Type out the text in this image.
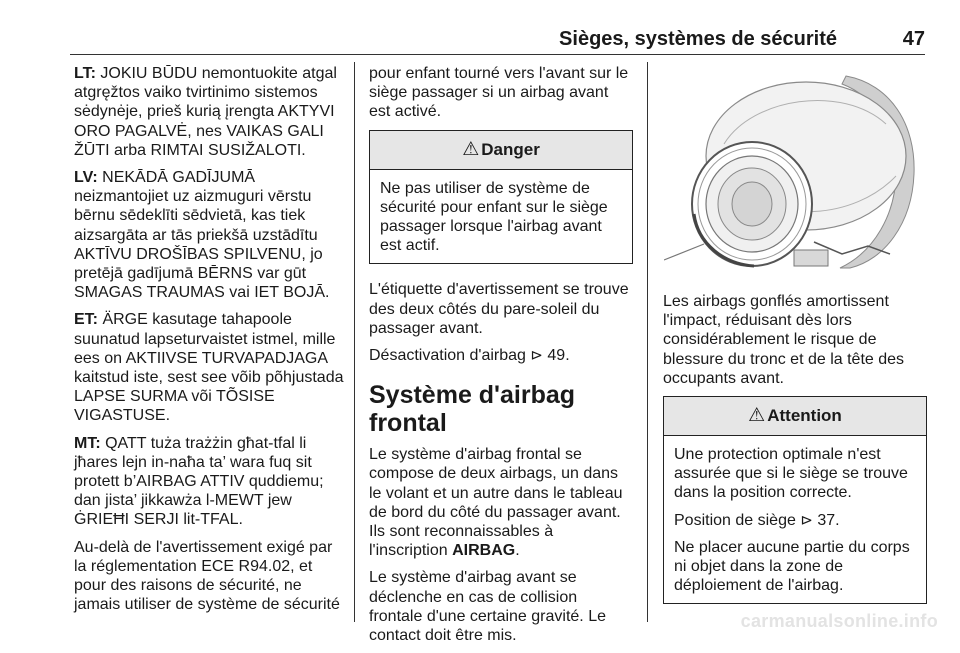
Sièges, systèmes de sécurité	47

LT: JOKIU BŪDU nemontuokite atgal atgręžtos vaiko tvirtinimo sistemos sėdynėje, prieš kurią įrengta AKTYVI ORO PAGALVĖ, nes VAIKAS GALI ŽŪTI arba RIMTAI SUSIŽALOTI.

LV: NEKĀDĀ GADĪJUMĀ neizmantojiet uz aizmuguri vērstu bērnu sēdeklīti sēdvietā, kas tiek aizsargāta ar tās priekšā uzstādītu AKTĪVU DROŠĪBAS SPILVENU, jo pretējā gadījumā BĒRNS var gūt SMAGAS TRAUMAS vai IET BOJĀ.

ET: ÄRGE kasutage tahapoole suunatud lapseturvaistet istmel, mille ees on AKTIIVSE TURVAPADJAGA kaitstud iste, sest see võib põhjustada LAPSE SURMA või TÕSISE VIGASTUSE.

MT: QATT tuża trażżin għat-tfal li jħares lejn in-naħa ta’ wara fuq sit protett b’AIRBAG ATTIV quddiemu; dan jista’ jikkawża l-MEWT jew ĠRIEĦI SERJI lit-TFAL.

Au-delà de l'avertissement exigé par la réglementation ECE R94.02, et pour des raisons de sécurité, ne jamais utiliser de système de sécurité

pour enfant tourné vers l'avant sur le siège passager si un airbag avant est activé.

⚠ Danger

Ne pas utiliser de système de sécurité pour enfant sur le siège passager lorsque l'airbag avant est actif.

L'étiquette d'avertissement se trouve des deux côtés du pare-soleil du passager avant.

Désactivation d'airbag ⊳ 49.

Système d'airbag frontal

Le système d'airbag frontal se compose de deux airbags, un dans le volant et un autre dans le tableau de bord du côté du passager avant. Ils sont reconnaissables à l'inscription AIRBAG.

Le système d'airbag avant se déclenche en cas de collision frontale d'une certaine gravité. Le contact doit être mis.

Les airbags gonflés amortissent l'impact, réduisant dès lors considérablement le risque de blessure du tronc et de la tête des occupants avant.

⚠ Attention

Une protection optimale n'est assurée que si le siège se trouve dans la position correcte.

Position de siège ⊳ 37.

Ne placer aucune partie du corps ni objet dans la zone de déploiement de l'airbag.

carmanualsonline.info
